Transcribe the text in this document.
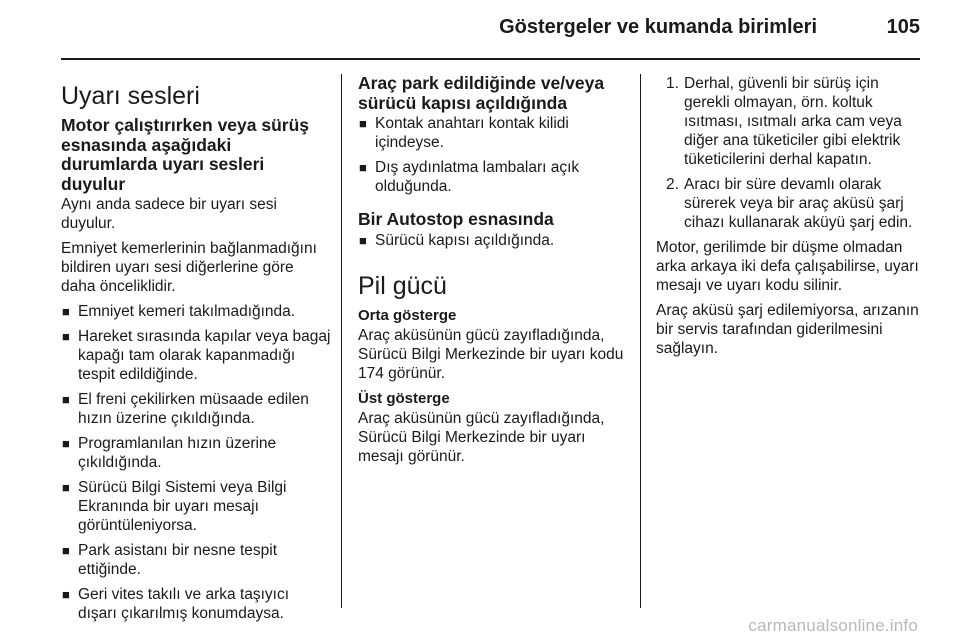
Göstergeler ve kumanda birimleri	105
Uyarı sesleri
Motor çalıştırırken veya sürüş esnasında aşağıdaki durumlarda uyarı sesleri duyulur

Aynı anda sadece bir uyarı sesi duyulur.

Emniyet kemerlerinin bağlanmadığını bildiren uyarı sesi diğerlerine göre daha önceliklidir.

■ Emniyet kemeri takılmadığında.
■ Hareket sırasında kapılar veya bagaj kapağı tam olarak kapanmadığı tespit edildiğinde.
■ El freni çekilirken müsaade edilen hızın üzerine çıkıldığında.
■ Programlanılan hızın üzerine çıkıldığında.
■ Sürücü Bilgi Sistemi veya Bilgi Ekranında bir uyarı mesajı görüntüleniyorsa.
■ Park asistanı bir nesne tespit ettiğinde.
■ Geri vites takılı ve arka taşıyıcı dışarı çıkarılmış konumdaysa.
Araç park edildiğinde ve/veya sürücü kapısı açıldığında
■ Kontak anahtarı kontak kilidi içindeyse.
■ Dış aydınlatma lambaları açık olduğunda.
Bir Autostop esnasında
■ Sürücü kapısı açıldığında.
Pil gücü
Orta gösterge

Araç aküsünün gücü zayıfladığında, Sürücü Bilgi Merkezinde bir uyarı kodu 174 görünür.

Üst gösterge

Araç aküsünün gücü zayıfladığında, Sürücü Bilgi Merkezinde bir uyarı mesajı görünür.

1. Derhal, güvenli bir sürüş için gerekli olmayan, örn. koltuk ısıtması, ısıtmalı arka cam veya diğer ana tüketiciler gibi elektrik tüketicilerini derhal kapatın.
2. Aracı bir süre devamlı olarak sürerek veya bir araç aküsü şarj cihazı kullanarak aküyü şarj edin.

Motor, gerilimde bir düşme olmadan arka arkaya iki defa çalışabilirse, uyarı mesajı ve uyarı kodu silinir.

Araç aküsü şarj edilemiyorsa, arızanın bir servis tarafından giderilmesini sağlayın.

carmanualsonline.info
